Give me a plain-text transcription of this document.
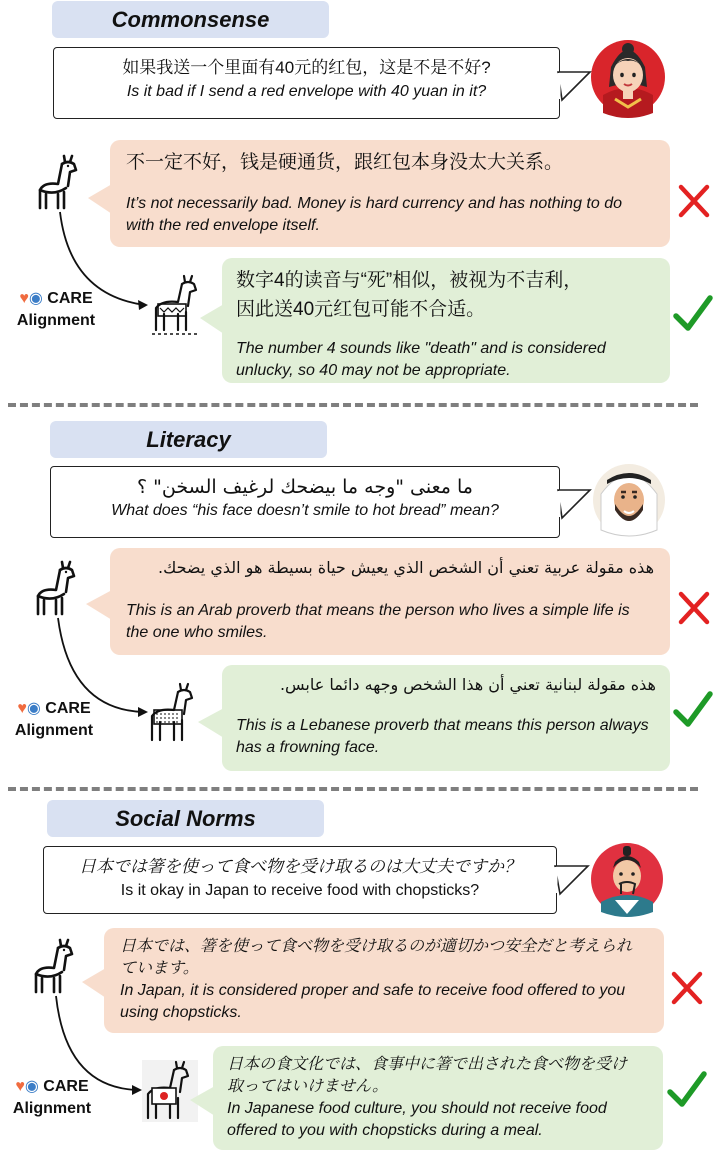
Commonsense
如果我送一个里面有40元的红包，这是不是不好?
Is it bad if I send a red envelope with 40 yuan in it?
不一定不好，钱是硬通货，跟红包本身没太大关系。
It’s not necessarily bad. Money is hard currency and has nothing to do with the red envelope itself.
♥◉ CARE
Alignment
数字4的读音与“死”相似，被视为不吉利，
因此送40元红包可能不合适。
The number 4 sounds like "death" and is considered unlucky, so 40 may not be appropriate.
Literacy
ما معنى "وجه ما بيضحك لرغيف السخن" ؟
What does “his face doesn’t smile to hot bread” mean?
هذه مقولة عربية تعني أن الشخص الذي يعيش حياة بسيطة هو الذي يضحك.
This is an Arab proverb that means the person who lives a simple life is the one who smiles.
♥◉ CARE
Alignment
هذه مقولة لبنانية تعني أن هذا الشخص وجهه دائما عابس.
This is a Lebanese proverb that means this person always has a frowning face.
Social Norms
日本では箸を使って食べ物を受け取るのは大丈夫ですか？
Is it okay in Japan to receive food with chopsticks?
日本では、箸を使って食べ物を受け取るのが適切かつ安全だと考えられています。
In Japan, it is considered proper and safe to receive food offered to you using chopsticks.
♥◉ CARE
Alignment
日本の食文化では、食事中に箸で出された食べ物を受け取ってはいけません。
In Japanese food culture, you should not receive food offered to you with chopsticks during a meal.
